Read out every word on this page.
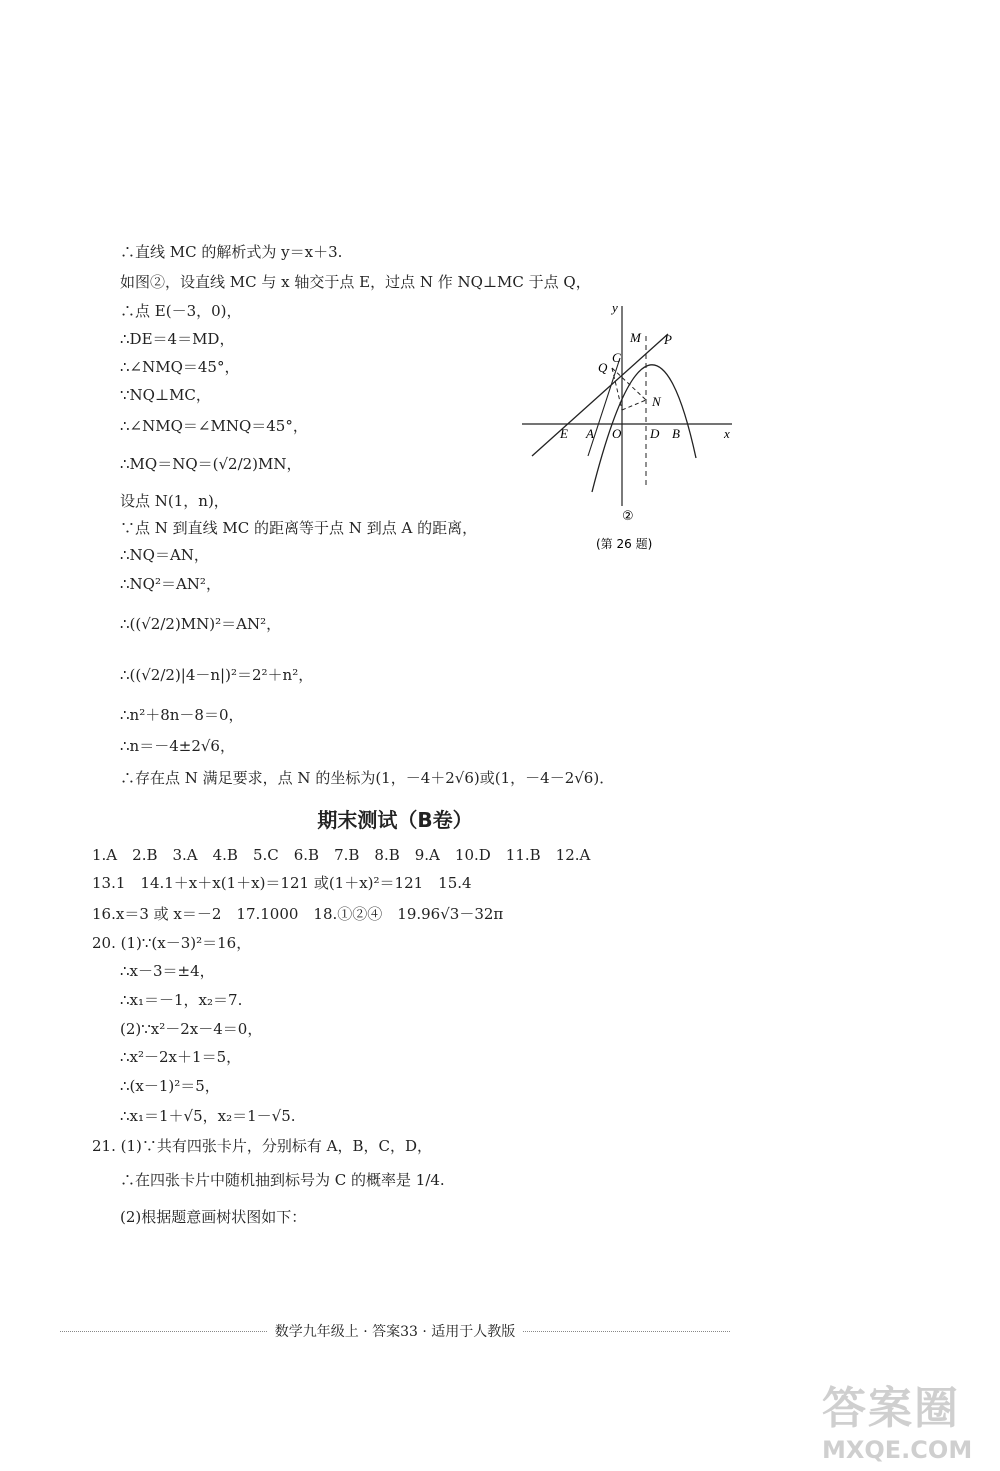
∴直线 MC 的解析式为 y＝x＋3.
如图②，设直线 MC 与 x 轴交于点 E，过点 N 作 NQ⊥MC 于点 Q，
∴点 E(－3，0)，
∴DE＝4＝MD，
∴∠NMQ＝45°，
∵NQ⊥MC，
∴∠NMQ＝∠MNQ＝45°，
∴MQ＝NQ＝(√2/2)MN，
设点 N(1，n)，
∵点 N 到直线 MC 的距离等于点 N 到点 A 的距离，
∴NQ＝AN，
∴NQ²＝AN²，
∴((√2/2)MN)²＝AN²，
∴((√2/2)|4－n|)²＝2²＋n²，
∴n²＋8n－8＝0，
∴n＝－4±2√6，
∴存在点 N 满足要求，点 N 的坐标为(1，－4＋2√6)或(1，－4－2√6)．
y
x
M P
C
Q
N
E A O D B
②
(第 26 题)
期末测试（B卷）
1.A　2.B　3.A　4.B　5.C　6.B　7.B　8.B　9.A　10.D　11.B　12.A
13.1　14.1＋x＋x(1＋x)＝121 或(1＋x)²＝121　15.4
16.x＝3 或 x＝－2　17.1000　18.①②④　19.96√3－32π
20. (1)∵(x－3)²＝16，
∴x－3＝±4，
∴x₁＝－1，x₂＝7.
(2)∵x²－2x－4＝0，
∴x²－2x＋1＝5，
∴(x－1)²＝5，
∴x₁＝1＋√5，x₂＝1－√5.
21. (1)∵共有四张卡片，分别标有 A，B，C，D，
∴在四张卡片中随机抽到标号为 C 的概率是 1/4.
(2)根据题意画树状图如下：
数学九年级上 · 答案33 · 适用于人教版
答案圈
MXQE.COM
